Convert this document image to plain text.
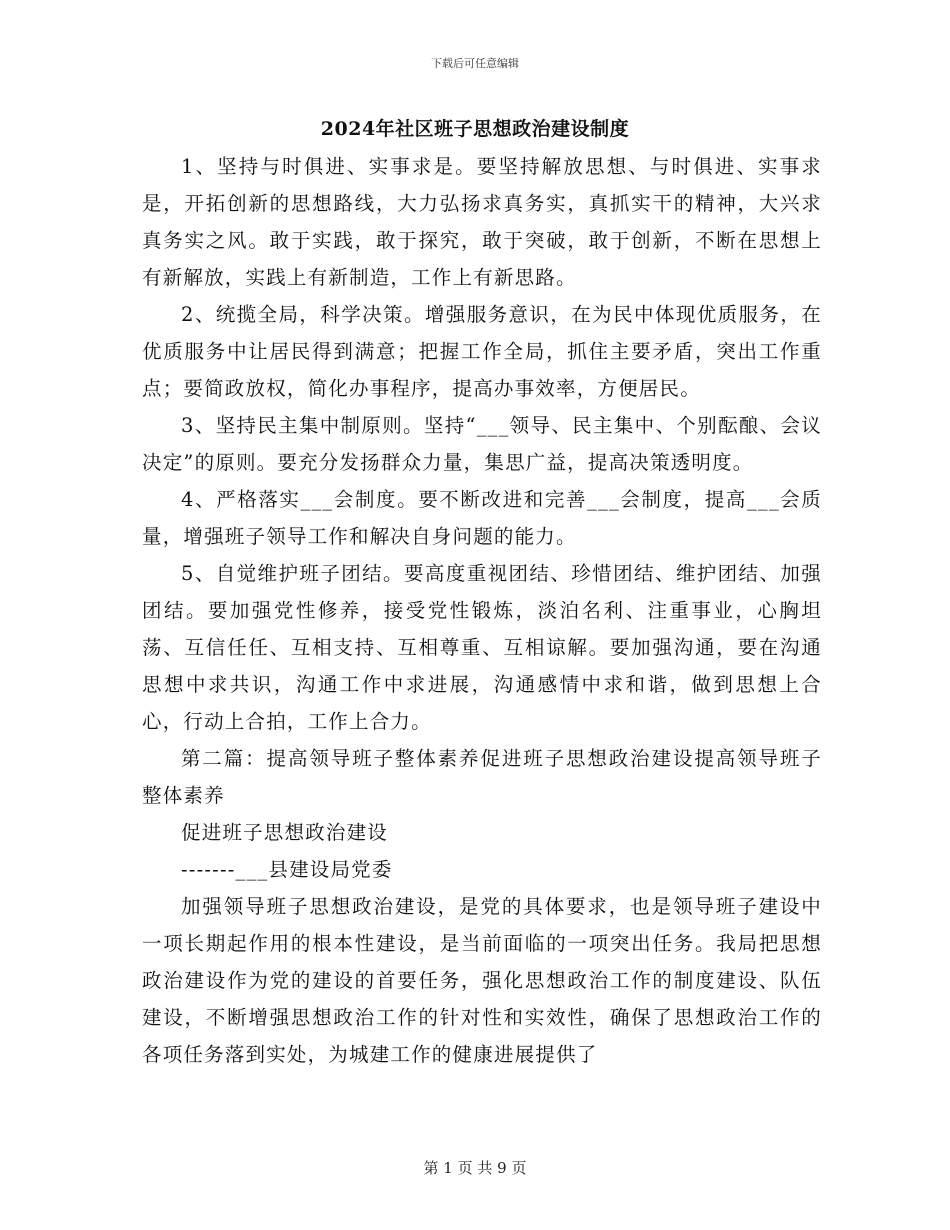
下载后可任意编辑
2024年社区班子思想政治建设制度

1、坚持与时俱进、实事求是。要坚持解放思想、与时俱进、实事求是，开拓创新的思想路线，大力弘扬求真务实，真抓实干的精神，大兴求真务实之风。敢于实践，敢于探究，敢于突破，敢于创新，不断在思想上有新解放，实践上有新制造，工作上有新思路。

2、统揽全局，科学决策。增强服务意识，在为民中体现优质服务，在优质服务中让居民得到满意；把握工作全局，抓住主要矛盾，突出工作重点；要简政放权，简化办事程序，提高办事效率，方便居民。

3、坚持民主集中制原则。坚持“___领导、民主集中、个别酝酿、会议决定”的原则。要充分发扬群众力量，集思广益，提高决策透明度。

4、严格落实___会制度。要不断改进和完善___会制度，提高___会质量，增强班子领导工作和解决自身问题的能力。

5、自觉维护班子团结。要高度重视团结、珍惜团结、维护团结、加强团结。要加强党性修养，接受党性锻炼，淡泊名利、注重事业，心胸坦荡、互信任任、互相支持、互相尊重、互相谅解。要加强沟通，要在沟通思想中求共识，沟通工作中求进展，沟通感情中求和谐，做到思想上合心，行动上合拍，工作上合力。

第二篇：提高领导班子整体素养促进班子思想政治建设提高领导班子整体素养

促进班子思想政治建设

-------___县建设局党委

加强领导班子思想政治建设，是党的具体要求，也是领导班子建设中一项长期起作用的根本性建设，是当前面临的一项突出任务。我局把思想政治建设作为党的建设的首要任务，强化思想政治工作的制度建设、队伍建设，不断增强思想政治工作的针对性和实效性，确保了思想政治工作的各项任务落到实处，为城建工作的健康进展提供了

第 1 页 共 9 页
